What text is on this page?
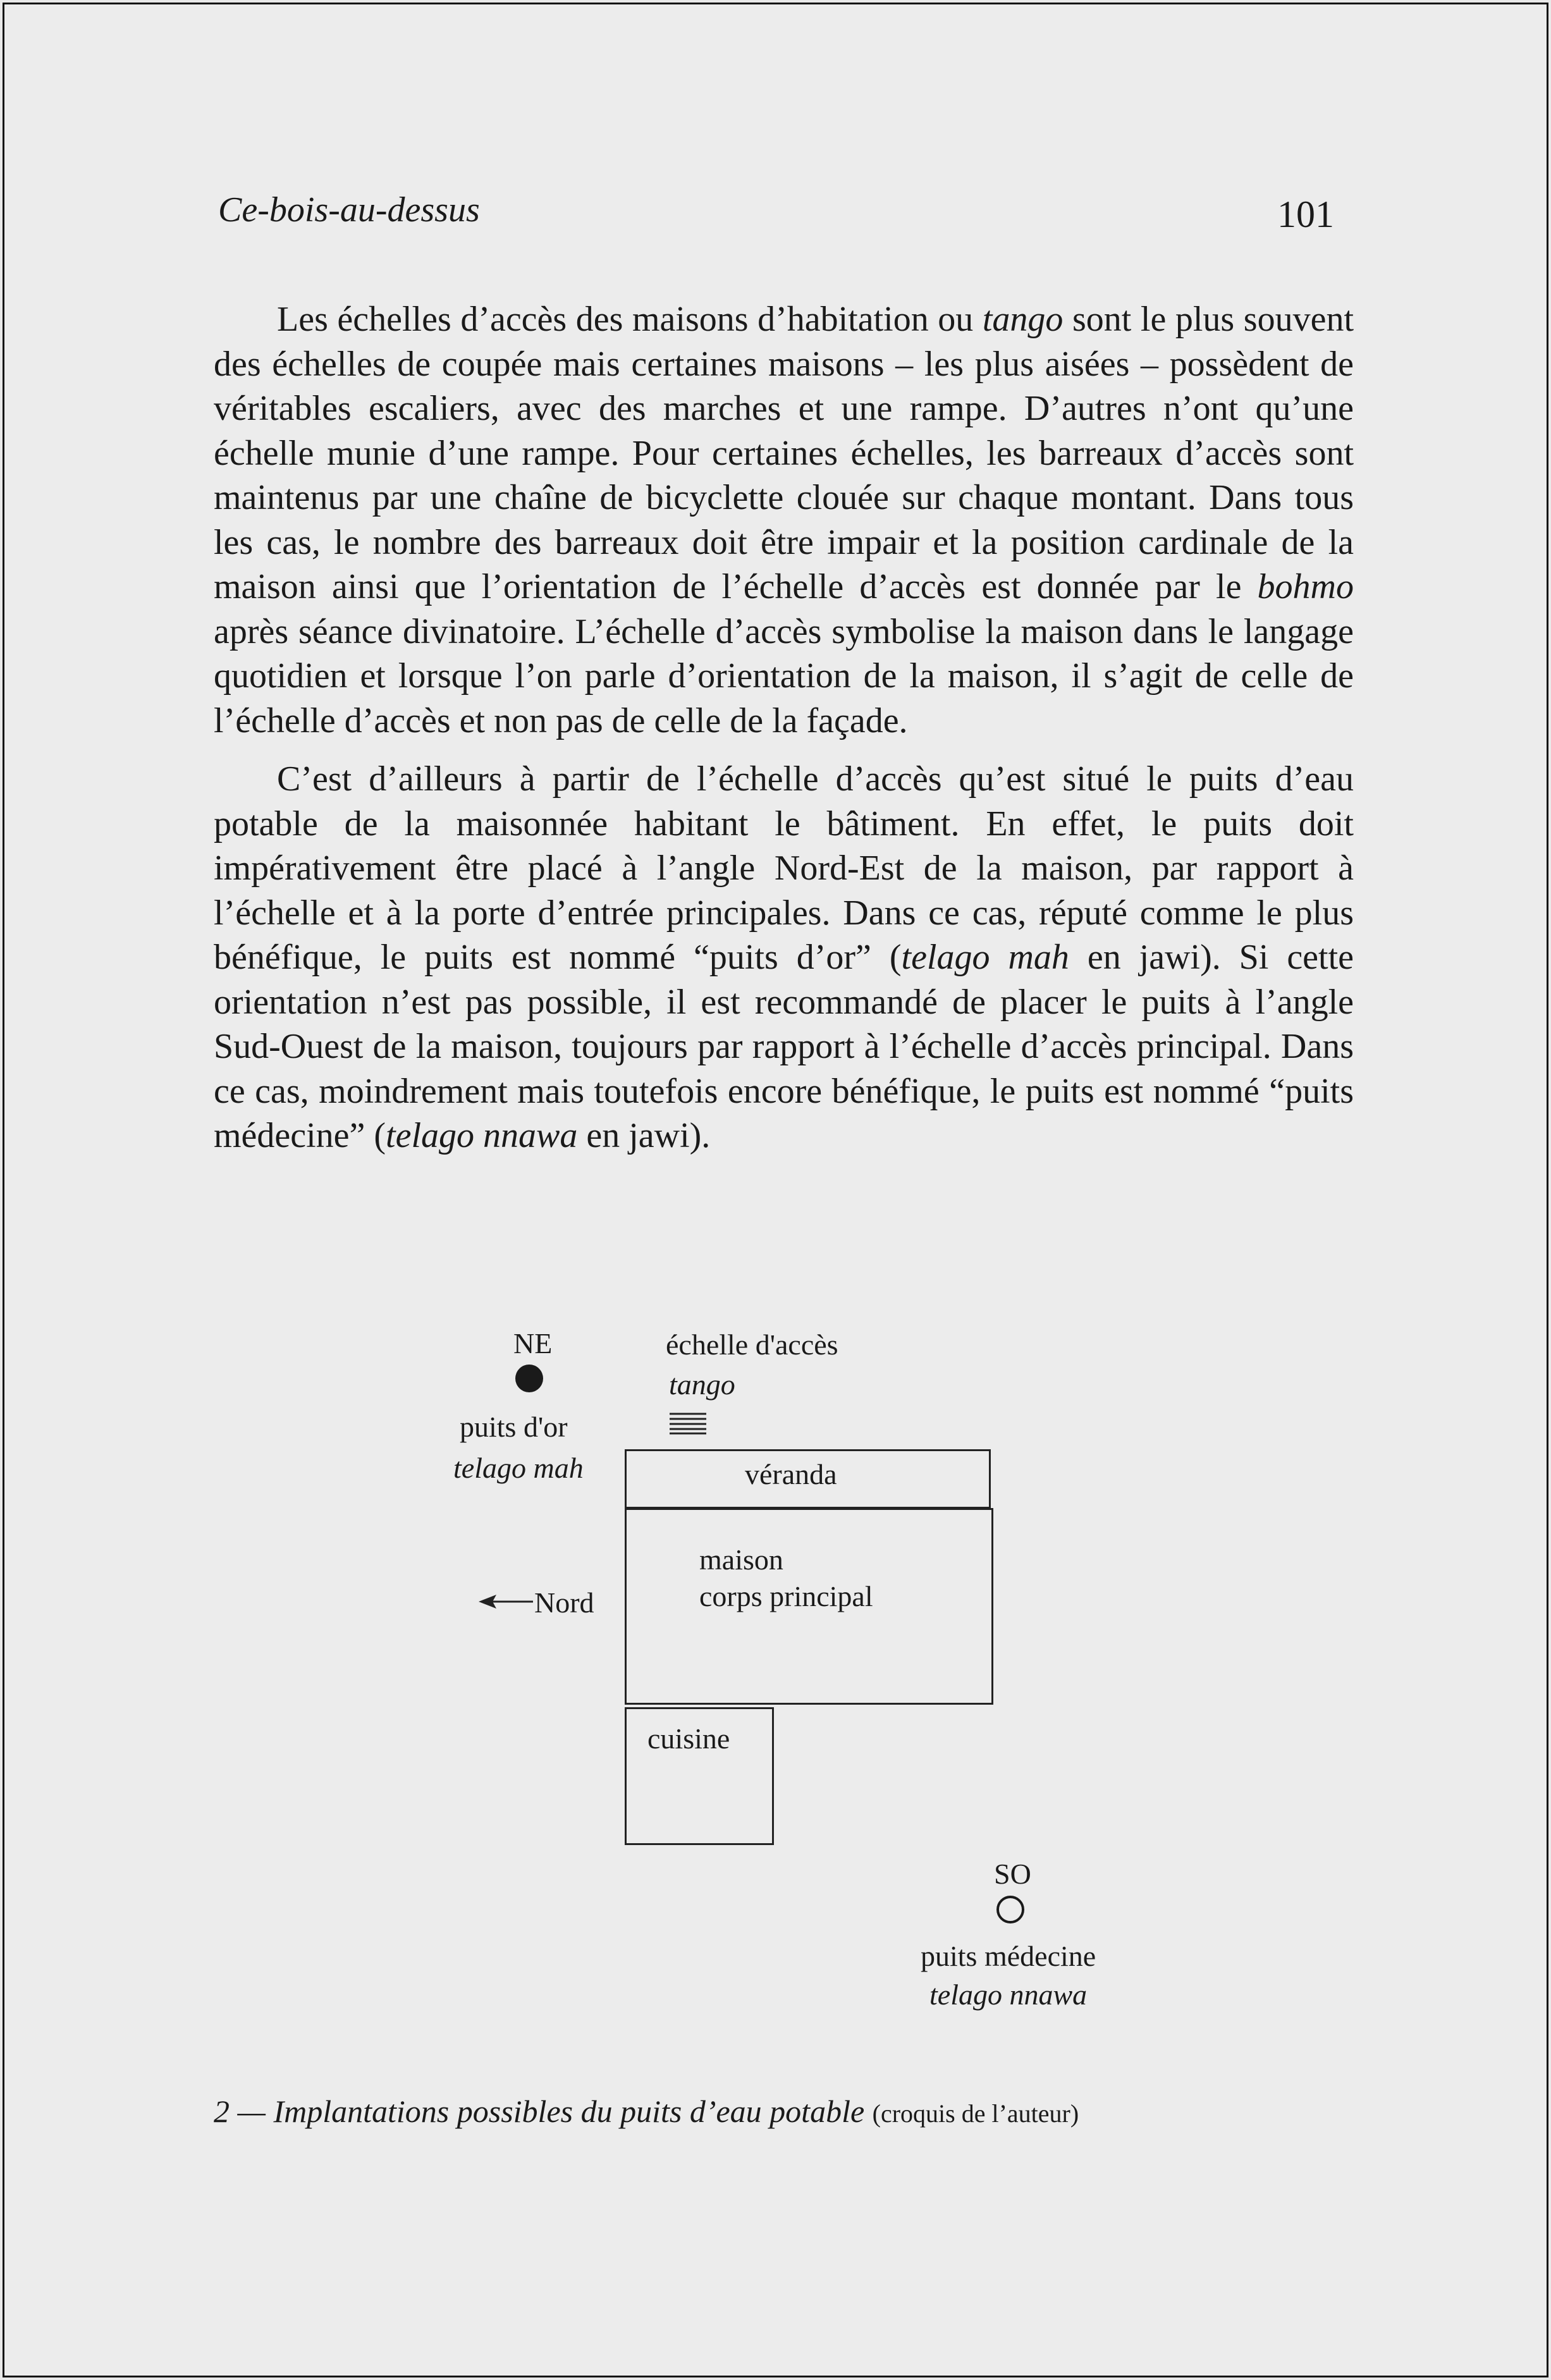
Ce-bois-au-dessus	101

Les échelles d’accès des maisons d’habitation ou tango sont le plus souvent des échelles de coupée mais certaines maisons – les plus aisées – possèdent de véritables escaliers, avec des marches et une rampe. D’autres n’ont qu’une échelle munie d’une rampe. Pour certaines échelles, les barreaux d’accès sont maintenus par une chaîne de bicyclette clouée sur chaque montant. Dans tous les cas, le nombre des barreaux doit être impair et la position cardinale de la maison ainsi que l’orientation de l’échelle d’accès est donnée par le bohmo après séance divinatoire. L’échelle d’accès symbolise la maison dans le langage quotidien et lorsque l’on parle d’orientation de la maison, il s’agit de celle de l’échelle d’accès et non pas de celle de la façade.

C’est d’ailleurs à partir de l’échelle d’accès qu’est situé le puits d’eau potable de la maisonnée habitant le bâtiment. En effet, le puits doit impérativement être placé à l’angle Nord-Est de la maison, par rapport à l’échelle et à la porte d’entrée principales. Dans ce cas, réputé comme le plus bénéfique, le puits est nommé “puits d’or” (telago mah en jawi). Si cette orientation n’est pas possible, il est recommandé de placer le puits à l’angle Sud-Ouest de la maison, toujours par rapport à l’échelle d’accès principal. Dans ce cas, moindrement mais toutefois encore bénéfique, le puits est nommé “puits médecine” (telago nnawa en jawi).

NE
puits d'or
telago mah
échelle d'accès
tango
véranda
maison
corps principal
Nord
cuisine
SO
puits médecine
telago nnawa
2 — Implantations possibles du puits d’eau potable (croquis de l’auteur)
